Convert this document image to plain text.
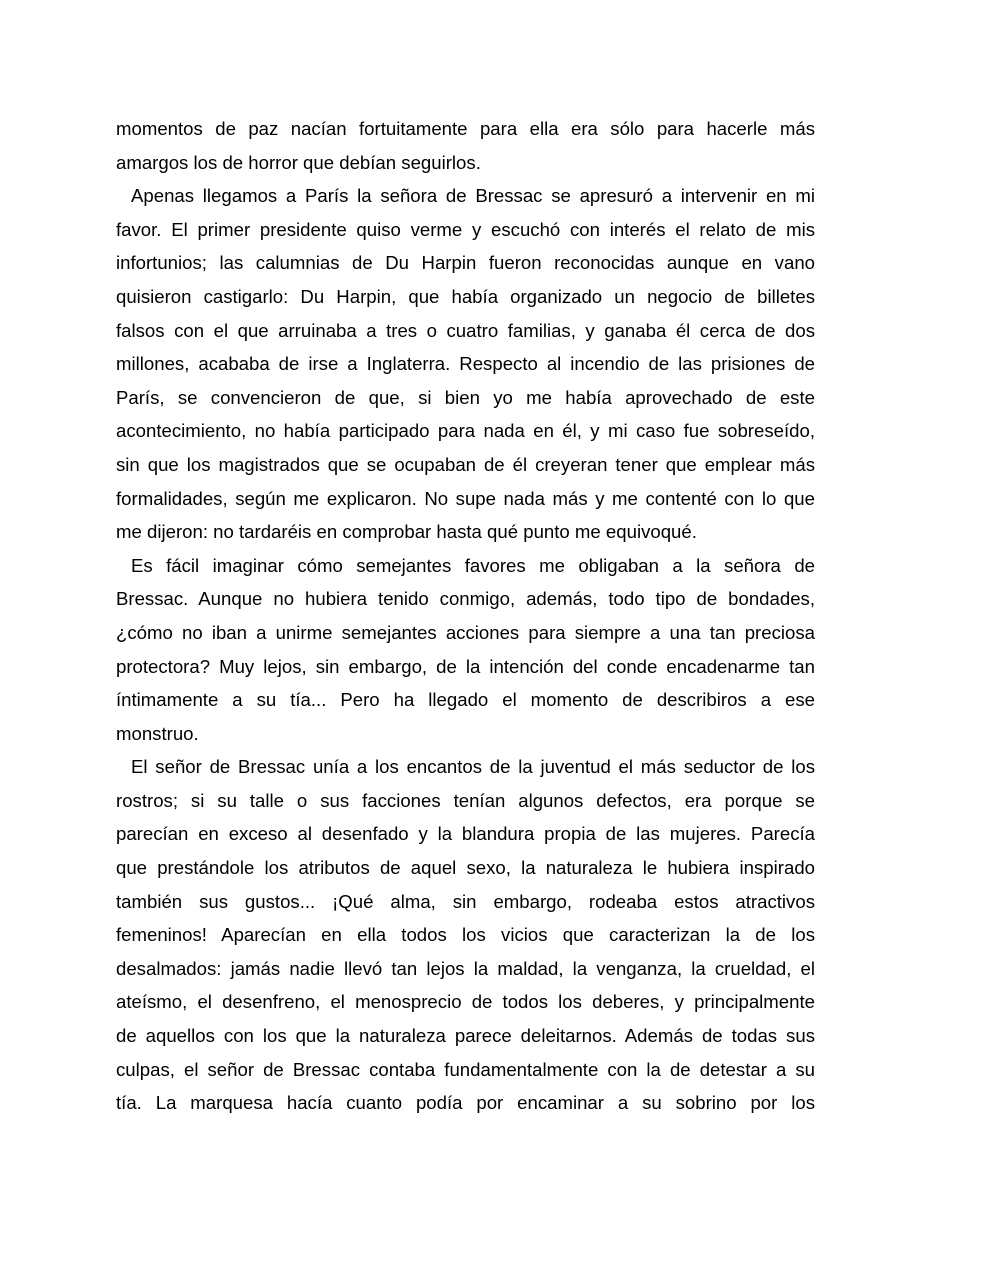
momentos de paz nacían fortuitamente para ella era sólo para hacerle más
amargos los de horror que debían seguirlos.
Apenas llegamos a París la señora de Bressac se apresuró a intervenir en mi
favor. El primer presidente quiso verme y escuchó con interés el relato de mis
infortunios; las calumnias de Du Harpin fueron reconocidas aunque en vano
quisieron castigarlo: Du Harpin, que había organizado un negocio de billetes
falsos con el que arruinaba a tres o cuatro familias, y ganaba él cerca de dos
millones, acababa de irse a Inglaterra. Respecto al incendio de las prisiones de
París, se convencieron de que, si bien yo me había aprovechado de este
acontecimiento, no había participado para nada en él, y mi caso fue sobreseído,
sin que los magistrados que se ocupaban de él creyeran tener que emplear más
formalidades, según me explicaron. No supe nada más y me contenté con lo que
me dijeron: no tardaréis en comprobar hasta qué punto me equivoqué.
Es fácil imaginar cómo semejantes favores me obligaban a la señora de
Bressac. Aunque no hubiera tenido conmigo, además, todo tipo de bondades,
¿cómo no iban a unirme semejantes acciones para siempre a una tan preciosa
protectora? Muy lejos, sin embargo, de la intención del conde encadenarme tan
íntimamente a su tía... Pero ha llegado el momento de describiros a ese
monstruo.
El señor de Bressac unía a los encantos de la juventud el más seductor de los
rostros; si su talle o sus facciones tenían algunos defectos, era porque se
parecían en exceso al desenfado y la blandura propia de las mujeres. Parecía
que prestándole los atributos de aquel sexo, la naturaleza le hubiera inspirado
también sus gustos... ¡Qué alma, sin embargo, rodeaba estos atractivos
femeninos! Aparecían en ella todos los vicios que caracterizan la de los
desalmados: jamás nadie llevó tan lejos la maldad, la venganza, la crueldad, el
ateísmo, el desenfreno, el menosprecio de todos los deberes, y principalmente
de aquellos con los que la naturaleza parece deleitarnos. Además de todas sus
culpas, el señor de Bressac contaba fundamentalmente con la de detestar a su
tía. La marquesa hacía cuanto podía por encaminar a su sobrino por los
